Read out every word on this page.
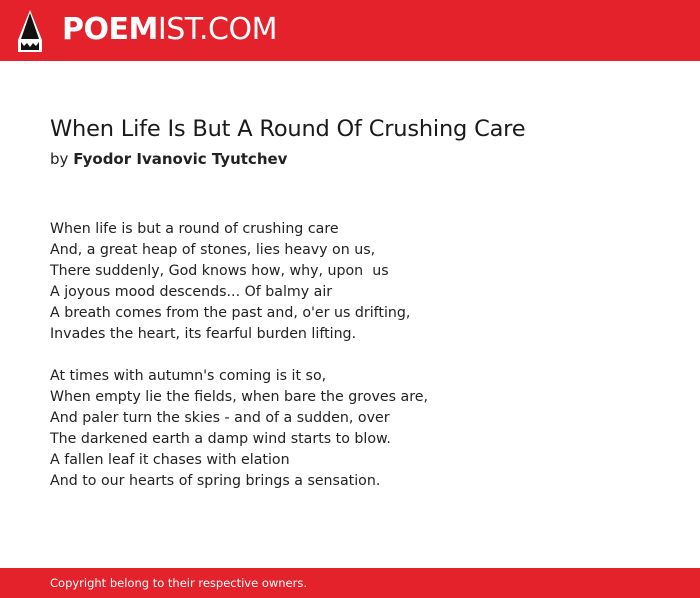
POEMIST.COM
When Life Is But A Round Of Crushing Care
by Fyodor Ivanovic Tyutchev
When life is but a round of crushing care
And, a great heap of stones, lies heavy on us,
There suddenly, God knows how, why, upon  us
A joyous mood descends... Of balmy air
A breath comes from the past and, o'er us drifting,
Invades the heart, its fearful burden lifting.
At times with autumn's coming is it so,
When empty lie the fields, when bare the groves are,
And paler turn the skies - and of a sudden, over
The darkened earth a damp wind starts to blow.
A fallen leaf it chases with elation
And to our hearts of spring brings a sensation.
Copyright belong to their respective owners.
